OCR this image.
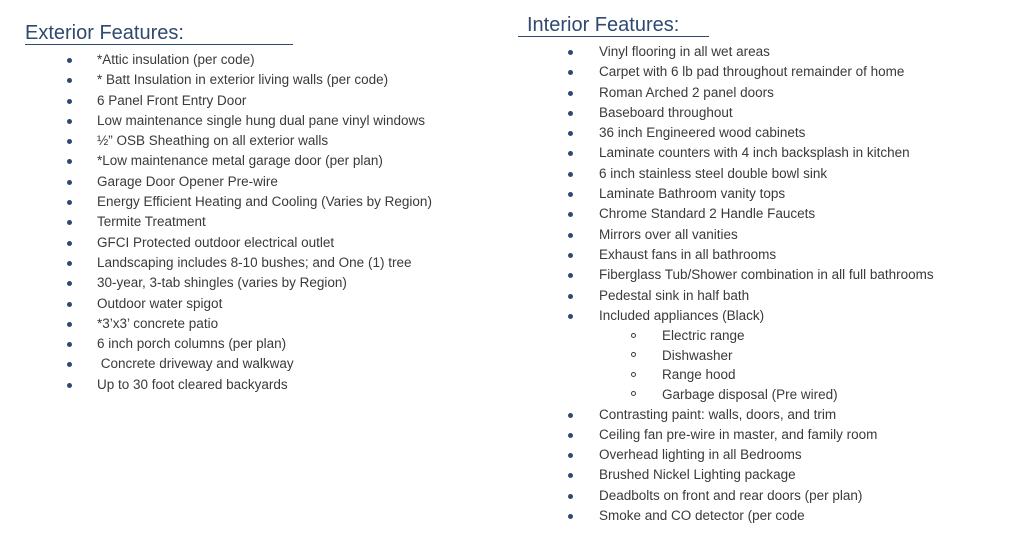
Exterior Features:
*Attic insulation (per code)
* Batt Insulation in exterior living walls (per code)
6 Panel Front Entry Door
Low maintenance single hung dual pane vinyl windows
½” OSB Sheathing on all exterior walls
*Low maintenance metal garage door (per plan)
Garage Door Opener Pre-wire
Energy Efficient Heating and Cooling (Varies by Region)
Termite Treatment
GFCI Protected outdoor electrical outlet
Landscaping includes 8-10 bushes; and One (1) tree
30-year, 3-tab shingles (varies by Region)
Outdoor water spigot
*3’x3’ concrete patio
6 inch porch columns (per plan)
Concrete driveway and walkway
Up to 30 foot cleared backyards
Interior Features:
Vinyl flooring in all wet areas
Carpet with 6 lb pad throughout remainder of home
Roman Arched 2 panel doors
Baseboard throughout
36 inch Engineered wood cabinets
Laminate counters with 4 inch backsplash in kitchen
6 inch stainless steel double bowl sink
Laminate Bathroom vanity tops
Chrome Standard 2 Handle Faucets
Mirrors over all vanities
Exhaust fans in all bathrooms
Fiberglass Tub/Shower combination in all full bathrooms
Pedestal sink in half bath
Included appliances (Black)
Electric range
Dishwasher
Range hood
Garbage disposal (Pre wired)
Contrasting paint: walls, doors, and trim
Ceiling fan pre-wire in master, and family room
Overhead lighting in all Bedrooms
Brushed Nickel Lighting package
Deadbolts on front and rear doors (per plan)
Smoke and CO detector (per code
